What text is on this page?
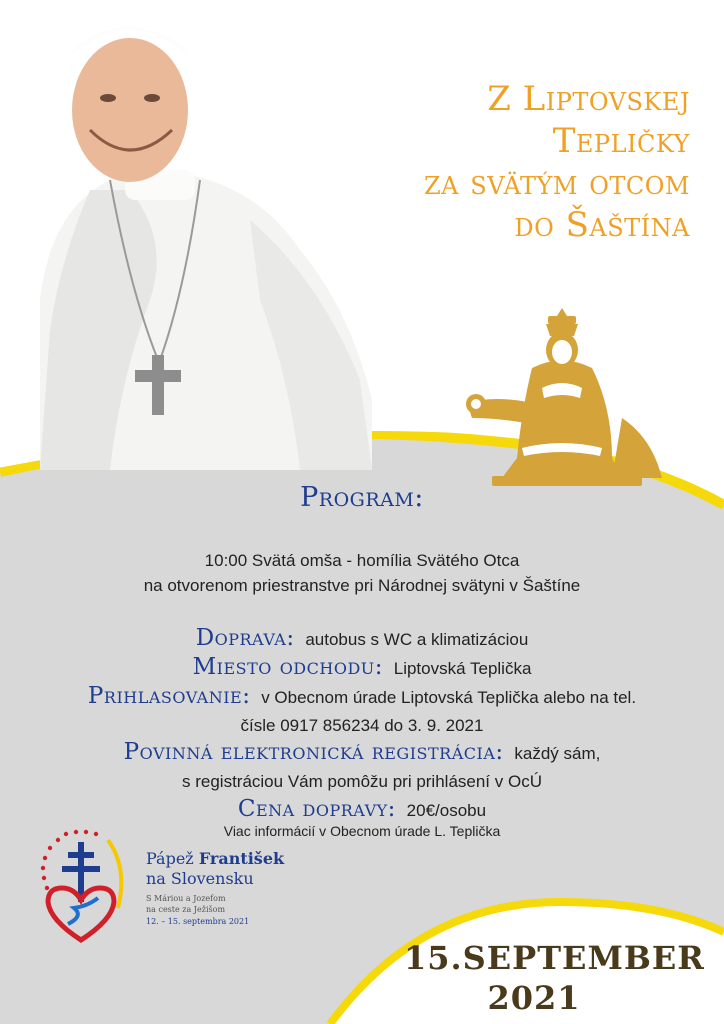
Z Liptovskej
Tepličky
za svätým otcom
do Šaštína
Program:
10:00 Svätá omša - homília Svätého Otca
na otvorenom priestranstve pri Národnej svätyni v Šaštíne
Doprava: autobus s WC a klimatizáciou
Miesto odchodu: Liptovská Teplička
Prihlasovanie: v Obecnom úrade Liptovská Teplička alebo na tel.
čísle 0917 856234 do 3. 9. 2021
Povinná elektronická registrácia: každý sám,
s registráciou Vám pomôžu pri prihlásení v OcÚ
Cena dopravy: 20€/osobu
Viac informácií v Obecnom úrade L. Teplička
Pápež František
na Slovensku
S Máriou a Jozefom
na ceste za Ježišom
12. – 15. septembra 2021
15.SEPTEMBER
2021
